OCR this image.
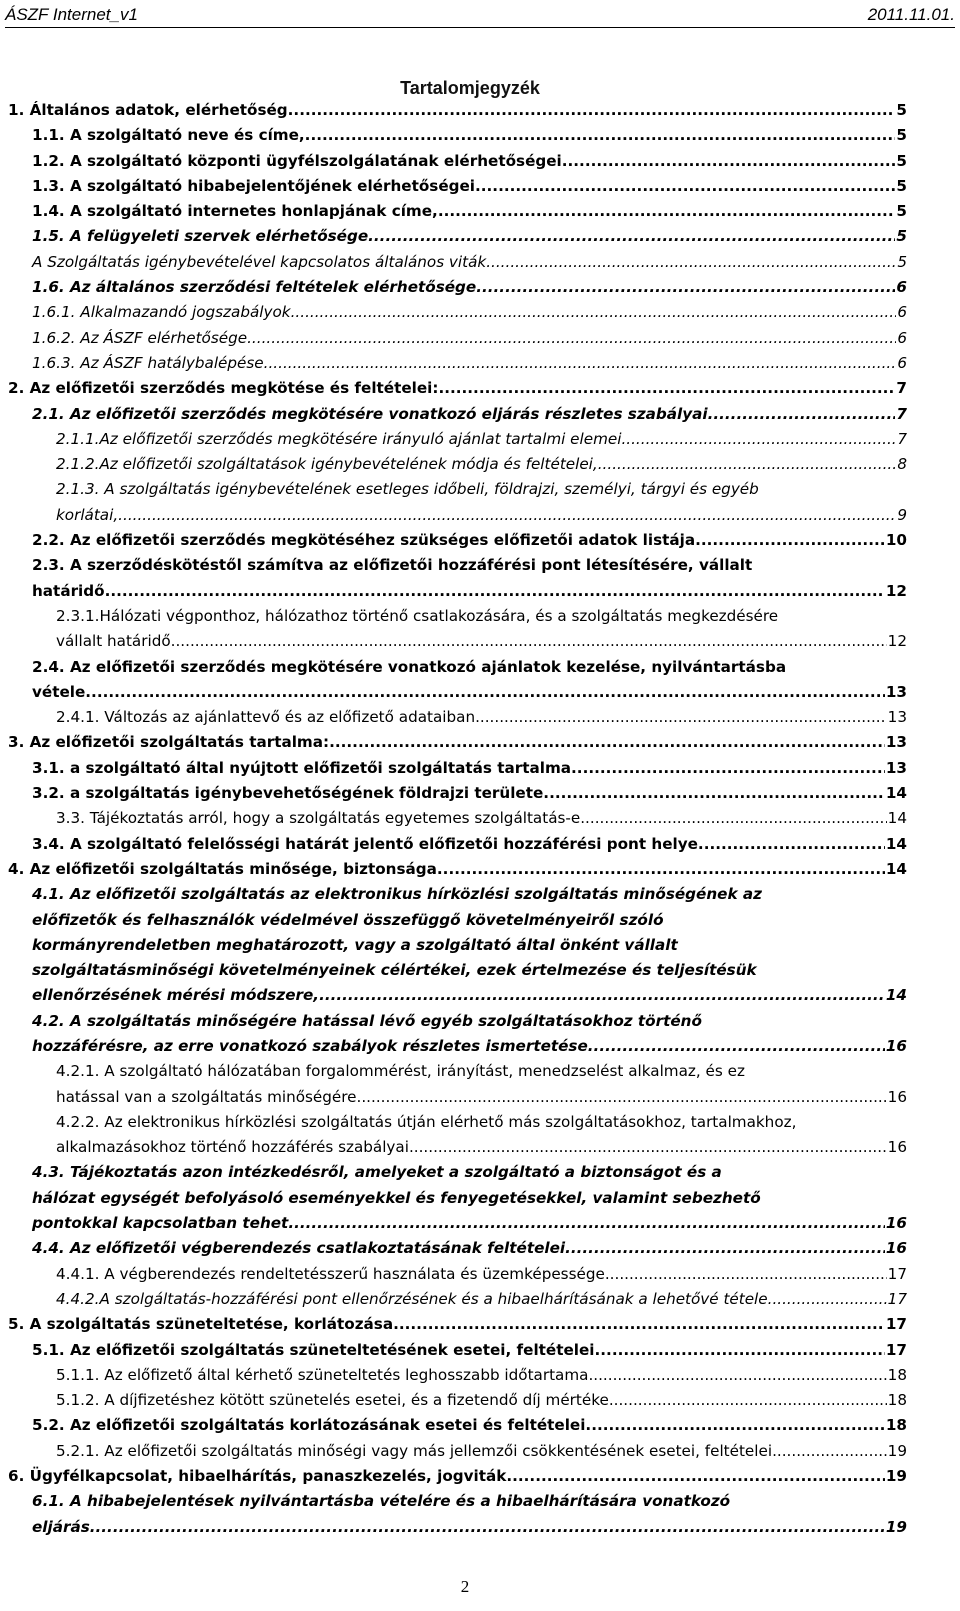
ÁSZF Internet_v1	2011.11.01.
Tartalomjegyzék
1. Általános adatok, elérhetőség .....	5
1.1. A szolgáltató neve és címe, .....	5
1.2. A szolgáltató központi ügyfélszolgálatának elérhetőségei .....	5
1.3. A szolgáltató hibabejelentőjének elérhetőségei .....	5
1.4. A szolgáltató internetes honlapjának címe, .....	5
1.5. A felügyeleti szervek elérhetősége .....	5
A Szolgáltatás igénybevételével kapcsolatos általános viták .....	5
1.6. Az általános szerződési feltételek elérhetősége .....	6
1.6.1. Alkalmazandó jogszabályok .....	6
1.6.2. Az ÁSZF elérhetősége .....	6
1.6.3. Az ÁSZF hatálybalépése .....	6
2. Az előfizetői szerződés megkötése és feltételei: .....	7
2.1. Az előfizetői szerződés megkötésére vonatkozó eljárás részletes szabályai .....	7
2.1.1.Az előfizetői szerződés megkötésére irányuló ajánlat tartalmi elemei .....	7
2.1.2.Az előfizetői szolgáltatások igénybevételének módja és feltételei, .....	8
2.1.3. A szolgáltatás igénybevételének esetleges időbeli, földrajzi, személyi, tárgyi és egyéb
korlátai, .....	9
2.2. Az előfizetői szerződés megkötéséhez szükséges előfizetői adatok listája .....	10
2.3. A szerződéskötéstől számítva az előfizetői hozzáférési pont létesítésére, vállalt
határidő .....	12
2.3.1.Hálózati végponthoz, hálózathoz történő csatlakozására, és a szolgáltatás megkezdésére
vállalt határidő .....	12
2.4. Az előfizetői szerződés megkötésére vonatkozó ajánlatok kezelése, nyilvántartásba
vétele .....	13
2.4.1. Változás az ajánlattevő és az előfizető adataiban .....	13
3. Az előfizetői szolgáltatás tartalma: .....	13
3.1. a szolgáltató által nyújtott előfizetői szolgáltatás tartalma .....	13
3.2. a szolgáltatás igénybevehetőségének földrajzi területe .....	14
3.3. Tájékoztatás arról, hogy a szolgáltatás egyetemes szolgáltatás-e .....	14
3.4. A szolgáltató felelősségi határát jelentő előfizetői hozzáférési pont helye .....	14
4. Az előfizetői szolgáltatás minősége, biztonsága .....	14
4.1. Az előfizetői szolgáltatás az elektronikus hírközlési szolgáltatás minőségének az
előfizetők és felhasználók védelmével összefüggő követelményeiről szóló
kormányrendeletben meghatározott, vagy a szolgáltató által önként vállalt
szolgáltatásminőségi követelményeinek célértékei, ezek értelmezése és teljesítésük
ellenőrzésének mérési módszere, .....	14
4.2. A szolgáltatás minőségére hatással lévő egyéb szolgáltatásokhoz történő
hozzáférésre, az erre vonatkozó szabályok részletes ismertetése .....	16
4.2.1. A szolgáltató hálózatában forgalommérést, irányítást, menedzselést alkalmaz, és ez
hatással van a szolgáltatás minőségére. .....	16
4.2.2. Az elektronikus hírközlési szolgáltatás útján elérhető más szolgáltatásokhoz, tartalmakhoz,
alkalmazásokhoz történő hozzáférés szabályai. .....	16
4.3. Tájékoztatás azon intézkedésről, amelyeket a szolgáltató a biztonságot és a
hálózat egységét befolyásoló eseményekkel és fenyegetésekkel, valamint sebezhető
pontokkal kapcsolatban tehet .....	16
4.4. Az előfizetői végberendezés csatlakoztatásának feltételei .....	16
4.4.1. A végberendezés rendeltetésszerű használata és üzemképessége .....	17
4.4.2.A szolgáltatás-hozzáférési pont ellenőrzésének és a hibaelhárításának a lehetővé tétele .....	17
5. A szolgáltatás szüneteltetése, korlátozása .....	17
5.1. Az előfizetői szolgáltatás szüneteltetésének esetei, feltételei .....	17
5.1.1. Az előfizető által kérhető szüneteltetés leghosszabb időtartama .....	18
5.1.2. A díjfizetéshez kötött szünetelés esetei, és a fizetendő díj mértéke .....	18
5.2. Az előfizetői szolgáltatás korlátozásának esetei és feltételei .....	18
5.2.1. Az előfizetői szolgáltatás minőségi vagy más jellemzői csökkentésének esetei, feltételei .....	19
6. Ügyfélkapcsolat, hibaelhárítás, panaszkezelés, jogviták .....	19
6.1. A hibabejelentések nyilvántartásba vételére és a hibaelhárítására vonatkozó
eljárás .....	19
2
